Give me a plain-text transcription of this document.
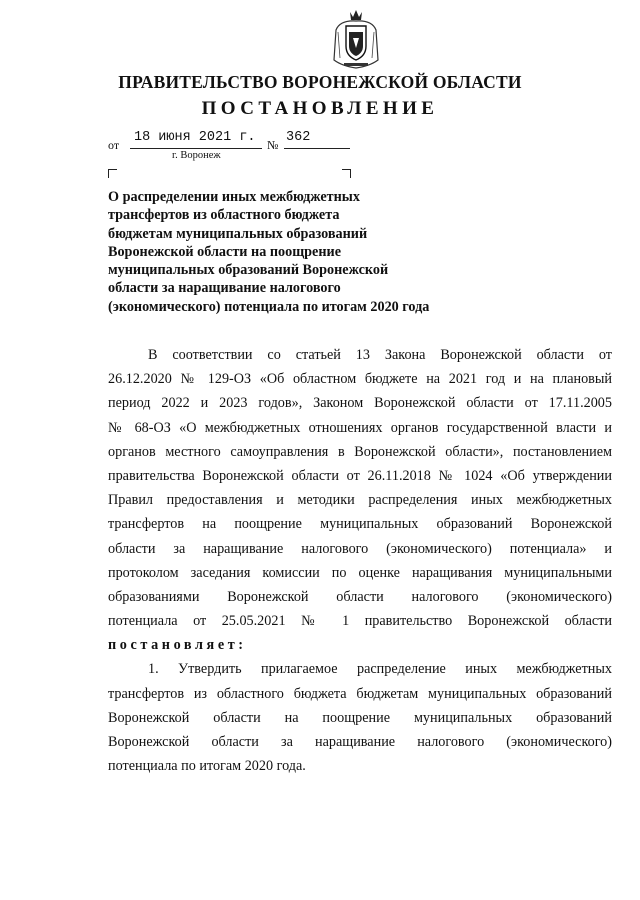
ПРАВИТЕЛЬСТВО ВОРОНЕЖСКОЙ ОБЛАСТИ
ПОСТАНОВЛЕНИЕ
от 18 июня 2021 г. № 362
г. Воронеж
О распределении иных межбюджетных
трансфертов из областного бюджета
бюджетам муниципальных образований
Воронежской области на поощрение
муниципальных образований Воронежской
области за наращивание налогового
(экономического) потенциала по итогам 2020 года
В соответствии со статьей 13 Закона Воронежской области от
26.12.2020 № 129-ОЗ «Об областном бюджете на 2021 год и на плановый
период 2022 и 2023 годов», Законом Воронежской области от 17.11.2005
№ 68-ОЗ «О межбюджетных отношениях органов государственной власти и
органов местного самоуправления в Воронежской области», постановлением
правительства Воронежской области от 26.11.2018 № 1024 «Об утверждении
Правил предоставления и методики распределения иных межбюджетных
трансфертов на поощрение муниципальных образований Воронежской
области за наращивание налогового (экономического) потенциала» и
протоколом заседания комиссии по оценке наращивания муниципальными
образованиями Воронежской области налогового (экономического)
потенциала от 25.05.2021 № 1 правительство Воронежской области
постановляет:
1. Утвердить прилагаемое распределение иных межбюджетных
трансфертов из областного бюджета бюджетам муниципальных образований
Воронежской области на поощрение муниципальных образований
Воронежской области за наращивание налогового (экономического)
потенциала по итогам 2020 года.
